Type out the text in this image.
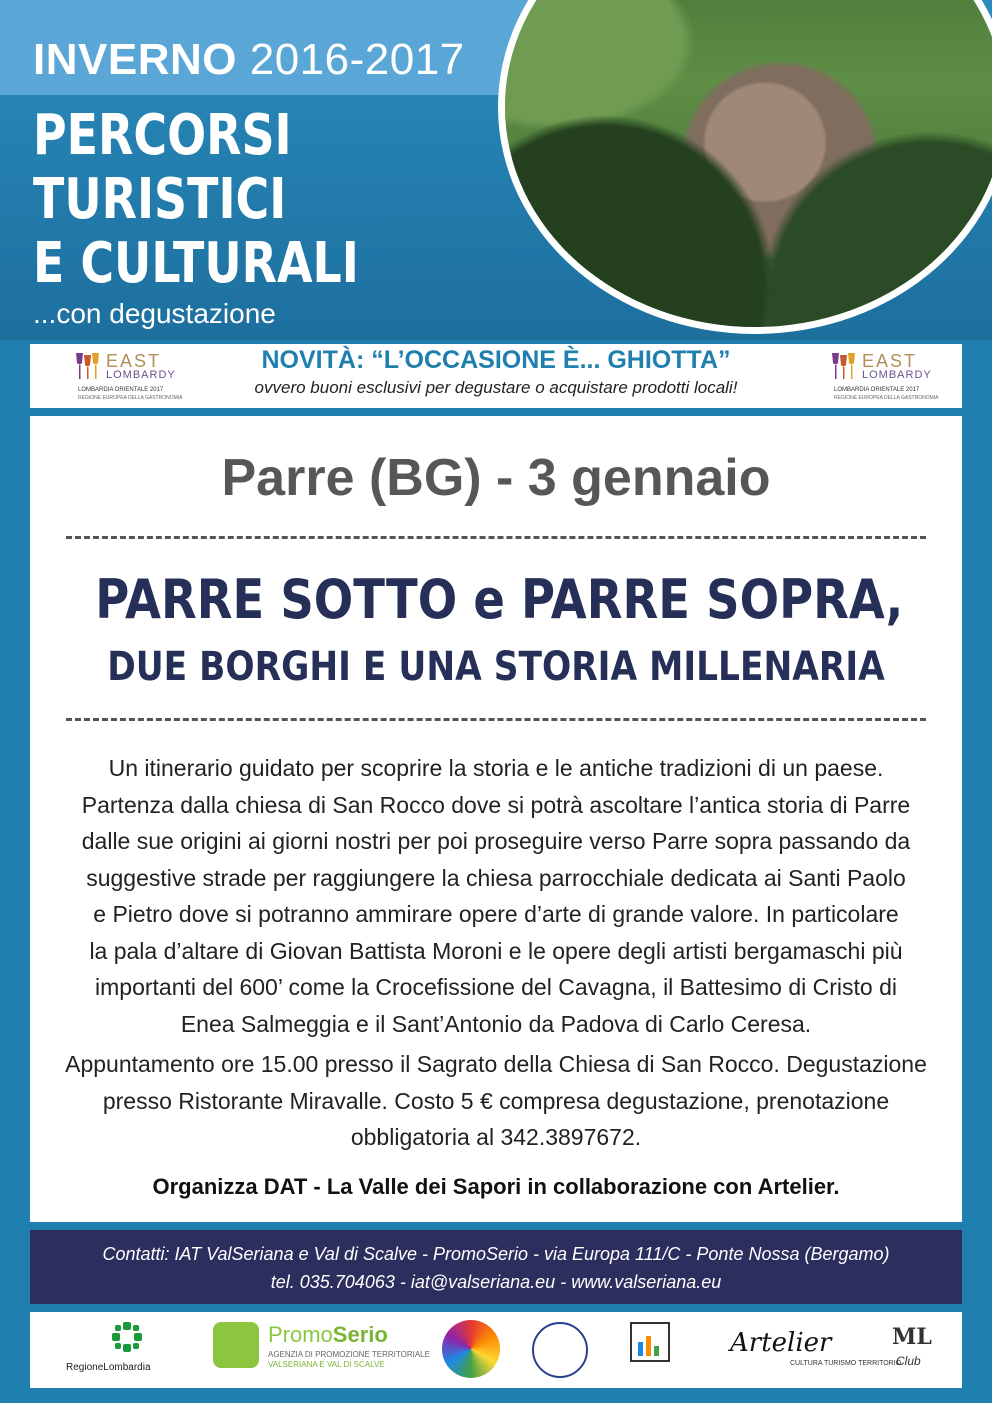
INVERNO 2016-2017
PERCORSI
TURISTICI
E CULTURALI
...con degustazione
EAST
LOMBARDY
LOMBARDIA ORIENTALE 2017
REGIONE EUROPEA DELLA GASTRONOMIA
NOVITÀ: “L’OCCASIONE È... GHIOTTA”
ovvero buoni esclusivi per degustare o acquistare prodotti locali!
EAST
LOMBARDY
LOMBARDIA ORIENTALE 2017
REGIONE EUROPEA DELLA GASTRONOMIA
Parre (BG) - 3 gennaio
PARRE SOTTO e PARRE SOPRA,
DUE BORGHI E UNA STORIA MILLENARIA
Un itinerario guidato per scoprire la storia e le antiche tradizioni di un paese.
Partenza dalla chiesa di San Rocco dove si potrà ascoltare l’antica storia di Parre
dalle sue origini ai giorni nostri per poi proseguire verso Parre sopra passando da
suggestive strade per raggiungere la chiesa parrocchiale dedicata ai Santi Paolo
e Pietro dove si potranno ammirare opere d’arte di grande valore. In particolare
la pala d’altare di Giovan Battista Moroni e le opere degli artisti bergamaschi più
importanti del 600’ come la Crocefissione del Cavagna, il Battesimo di Cristo di
Enea Salmeggia e il Sant’Antonio da Padova di Carlo Ceresa.
Appuntamento ore 15.00 presso il Sagrato della Chiesa di San Rocco. Degustazione
presso Ristorante Miravalle. Costo 5 € compresa degustazione, prenotazione
obbligatoria al 342.3897672.
Organizza DAT - La Valle dei Sapori in collaborazione con Artelier.
Contatti: IAT ValSeriana e Val di Scalve - PromoSerio - via Europa 111/C - Ponte Nossa (Bergamo)
tel. 035.704063 - iat@valseriana.eu - www.valseriana.eu
RegioneLombardia
PromoSerio
AGENZIA DI PROMOZIONE TERRITORIALE
VALSERIANA E VAL DI SCALVE
Artelier
CULTURA TURISMO TERRITORIO
ML
Club
